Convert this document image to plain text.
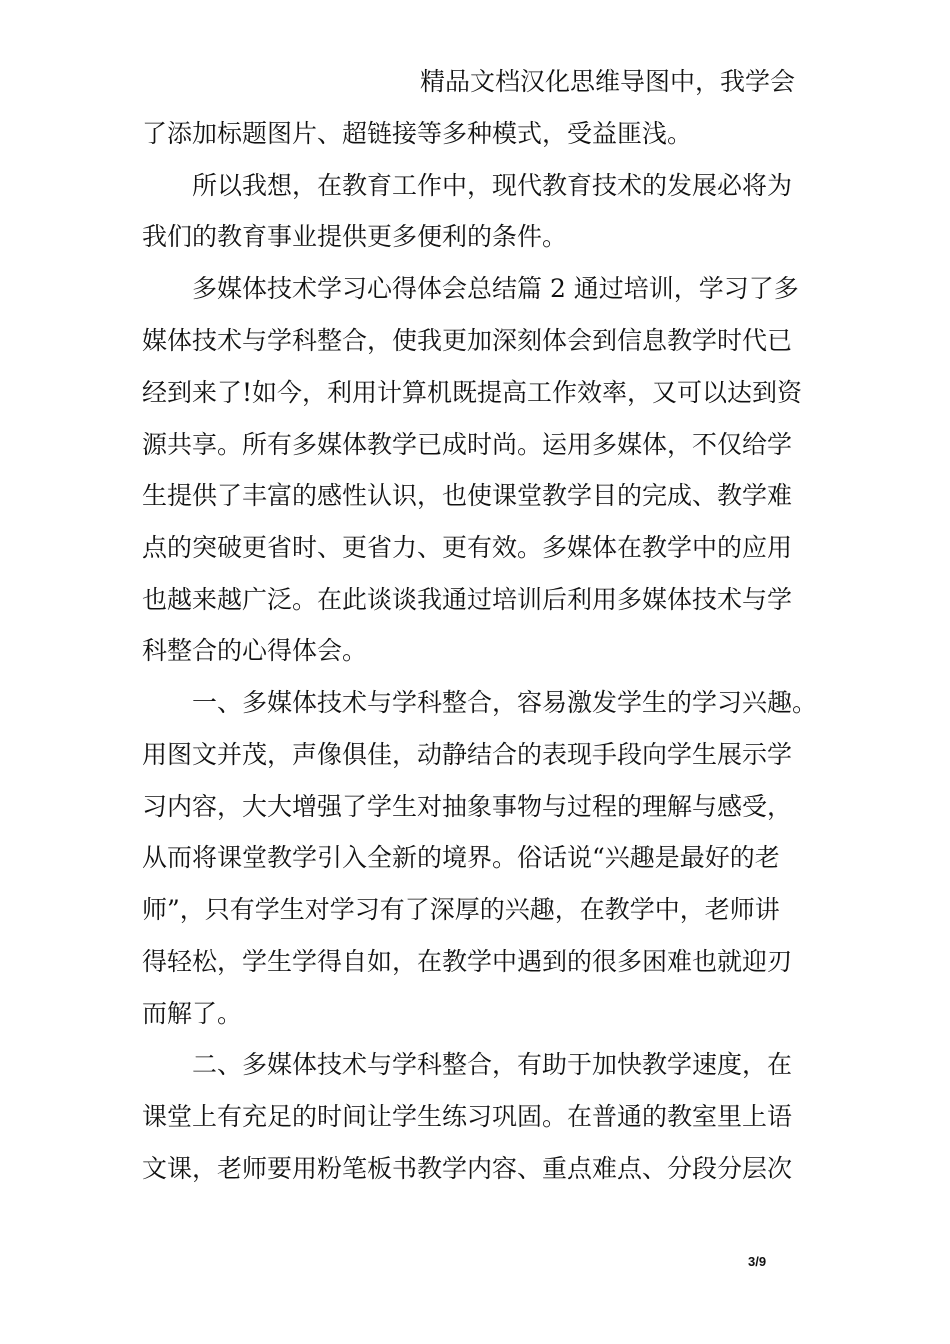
精品文档汉化思维导图中，我学会
了添加标题图片、超链接等多种模式，受益匪浅。
所以我想，在教育工作中，现代教育技术的发展必将为
我们的教育事业提供更多便利的条件。
多媒体技术学习心得体会总结篇 2 通过培训，学习了多
媒体技术与学科整合，使我更加深刻体会到信息教学时代已
经到来了!如今，利用计算机既提高工作效率，又可以达到资
源共享。所有多媒体教学已成时尚。运用多媒体，不仅给学
生提供了丰富的感性认识，也使课堂教学目的完成、教学难
点的突破更省时、更省力、更有效。多媒体在教学中的应用
也越来越广泛。在此谈谈我通过培训后利用多媒体技术与学
科整合的心得体会。
一、多媒体技术与学科整合，容易激发学生的学习兴趣。
用图文并茂，声像俱佳，动静结合的表现手段向学生展示学
习内容，大大增强了学生对抽象事物与过程的理解与感受，
从而将课堂教学引入全新的境界。俗话说“兴趣是最好的老
师”，只有学生对学习有了深厚的兴趣，在教学中，老师讲
得轻松，学生学得自如，在教学中遇到的很多困难也就迎刃
而解了。
二、多媒体技术与学科整合，有助于加快教学速度，在
课堂上有充足的时间让学生练习巩固。在普通的教室里上语
文课，老师要用粉笔板书教学内容、重点难点、分段分层次
3/9
